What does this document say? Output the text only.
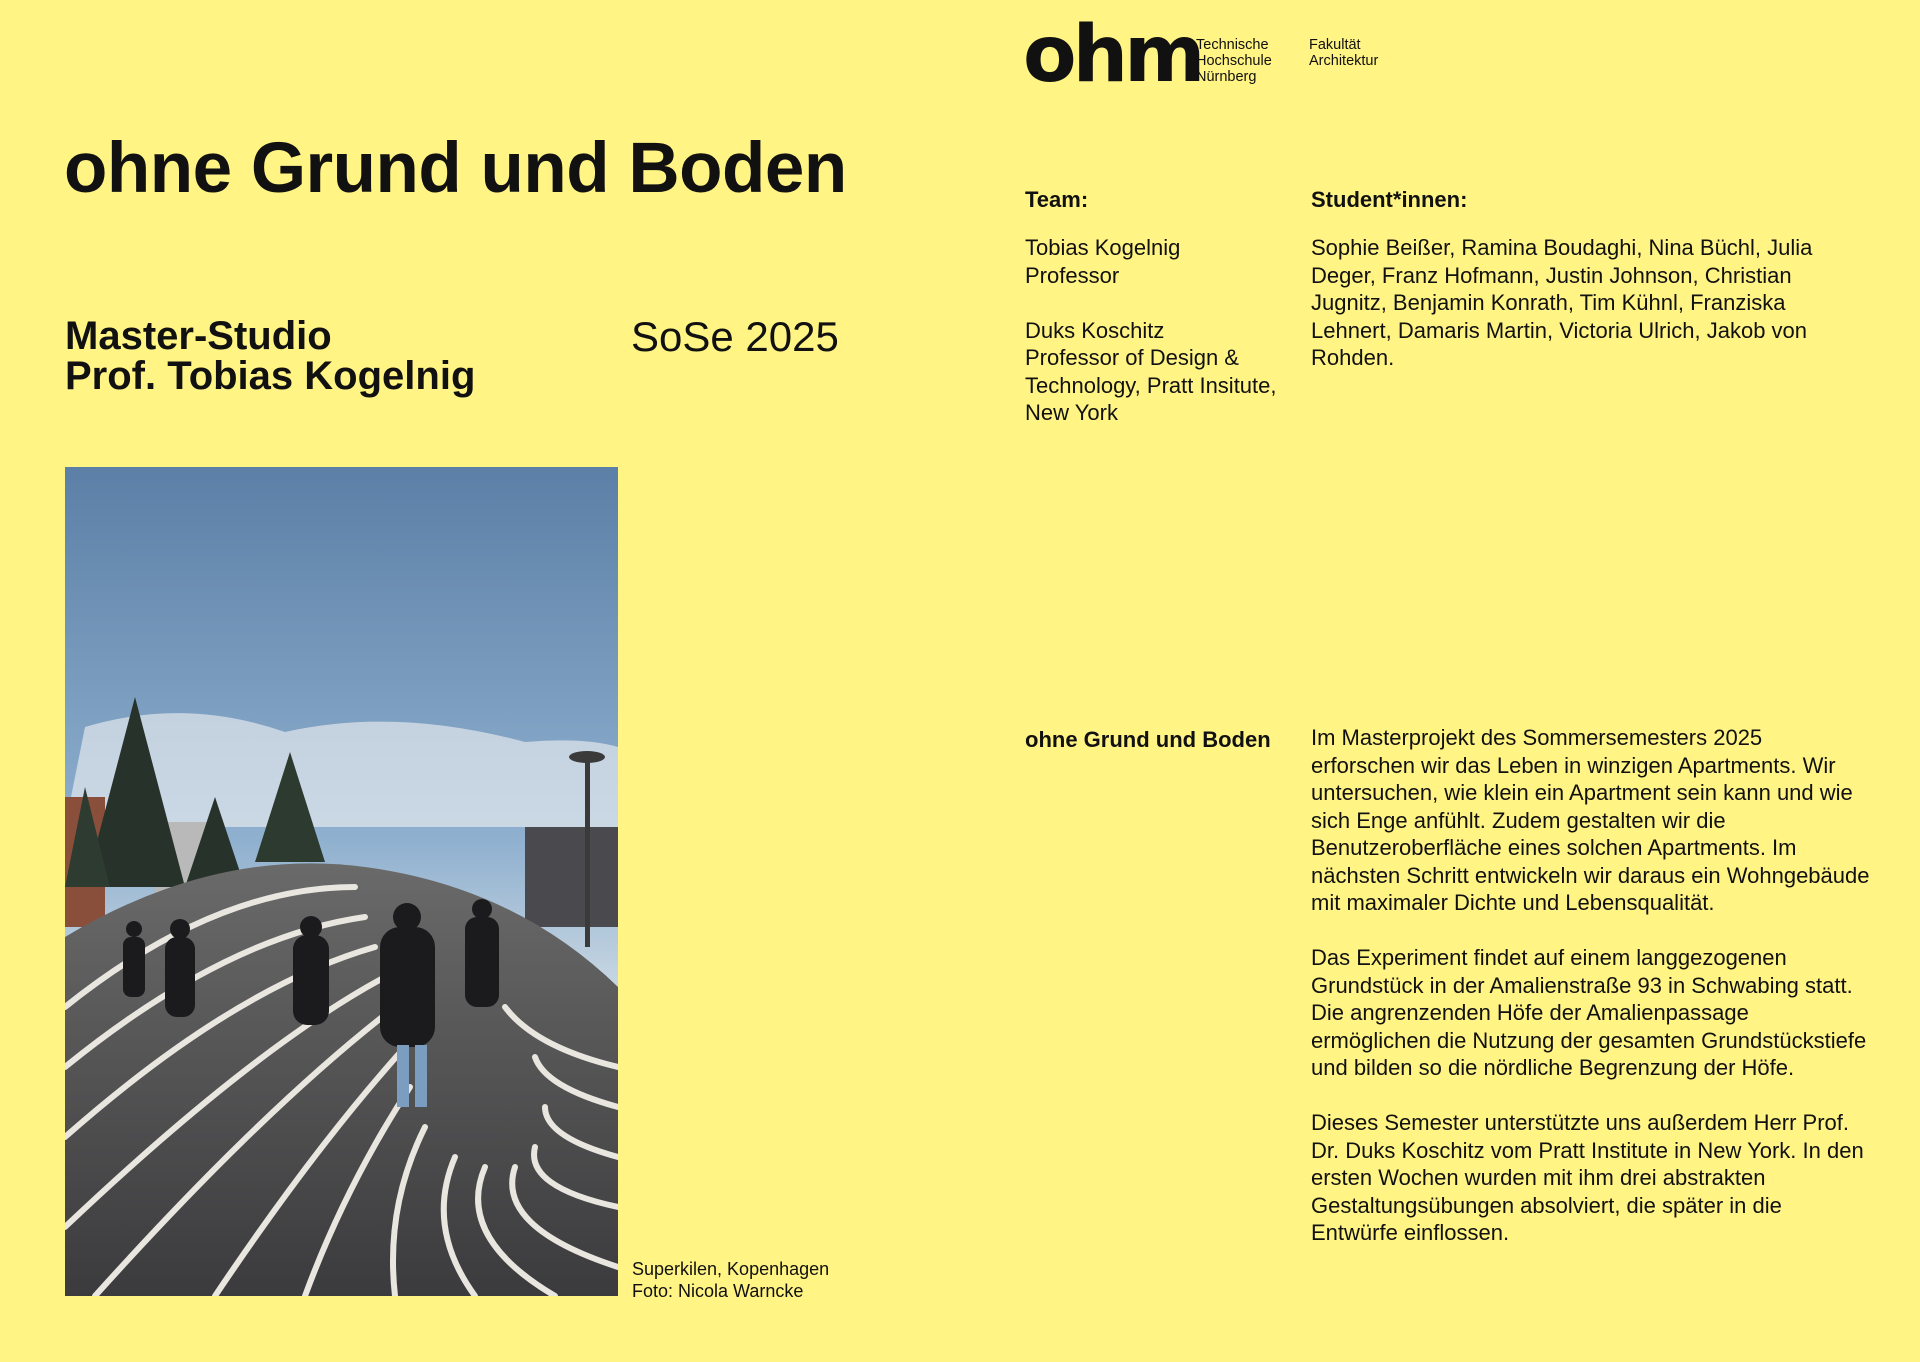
ohne Grund und Boden
Master-Studio
Prof. Tobias Kogelnig
SoSe 2025
Superkilen, Kopenhagen
Foto: Nicola Warncke
ohm
Technische
Hochschule
Nürnberg
Fakultät
Architektur
Team:	Student*innen:

Tobias Kogelnig
Professor

Duks Koschitz
Professor of Design & Technology, Pratt Insitute, New York

Sophie Beißer, Ramina Boudaghi, Nina Büchl, Julia Deger, Franz Hofmann, Justin Johnson, Christian Jugnitz, Benjamin Konrath, Tim Kühnl, Franziska Lehnert, Damaris Martin, Victoria Ulrich, Jakob von Rohden.
ohne Grund und Boden Im Masterprojekt des Sommersemesters 2025 erforschen wir das Leben in winzigen Apartments. Wir untersuchen, wie klein ein Apartment sein kann und wie sich Enge anfühlt. Zudem gestalten wir die Benutzeroberfläche eines solchen Apartments. Im nächsten Schritt entwickeln wir daraus ein Wohngebäude mit maximaler Dichte und Lebensqualität.

Das Experiment findet auf einem langgezogenen Grundstück in der Amalienstraße 93 in Schwabing statt. Die angrenzenden Höfe der Amalienpassage ermöglichen die Nutzung der gesamten Grundstückstiefe und bilden so die nördliche Begrenzung der Höfe.

Dieses Semester unterstützte uns außerdem Herr Prof. Dr. Duks Koschitz vom Pratt Institute in New York. In den ersten Wochen wurden mit ihm drei abstrakten Gestaltungsübungen absolviert, die später in die Entwürfe einflossen.
